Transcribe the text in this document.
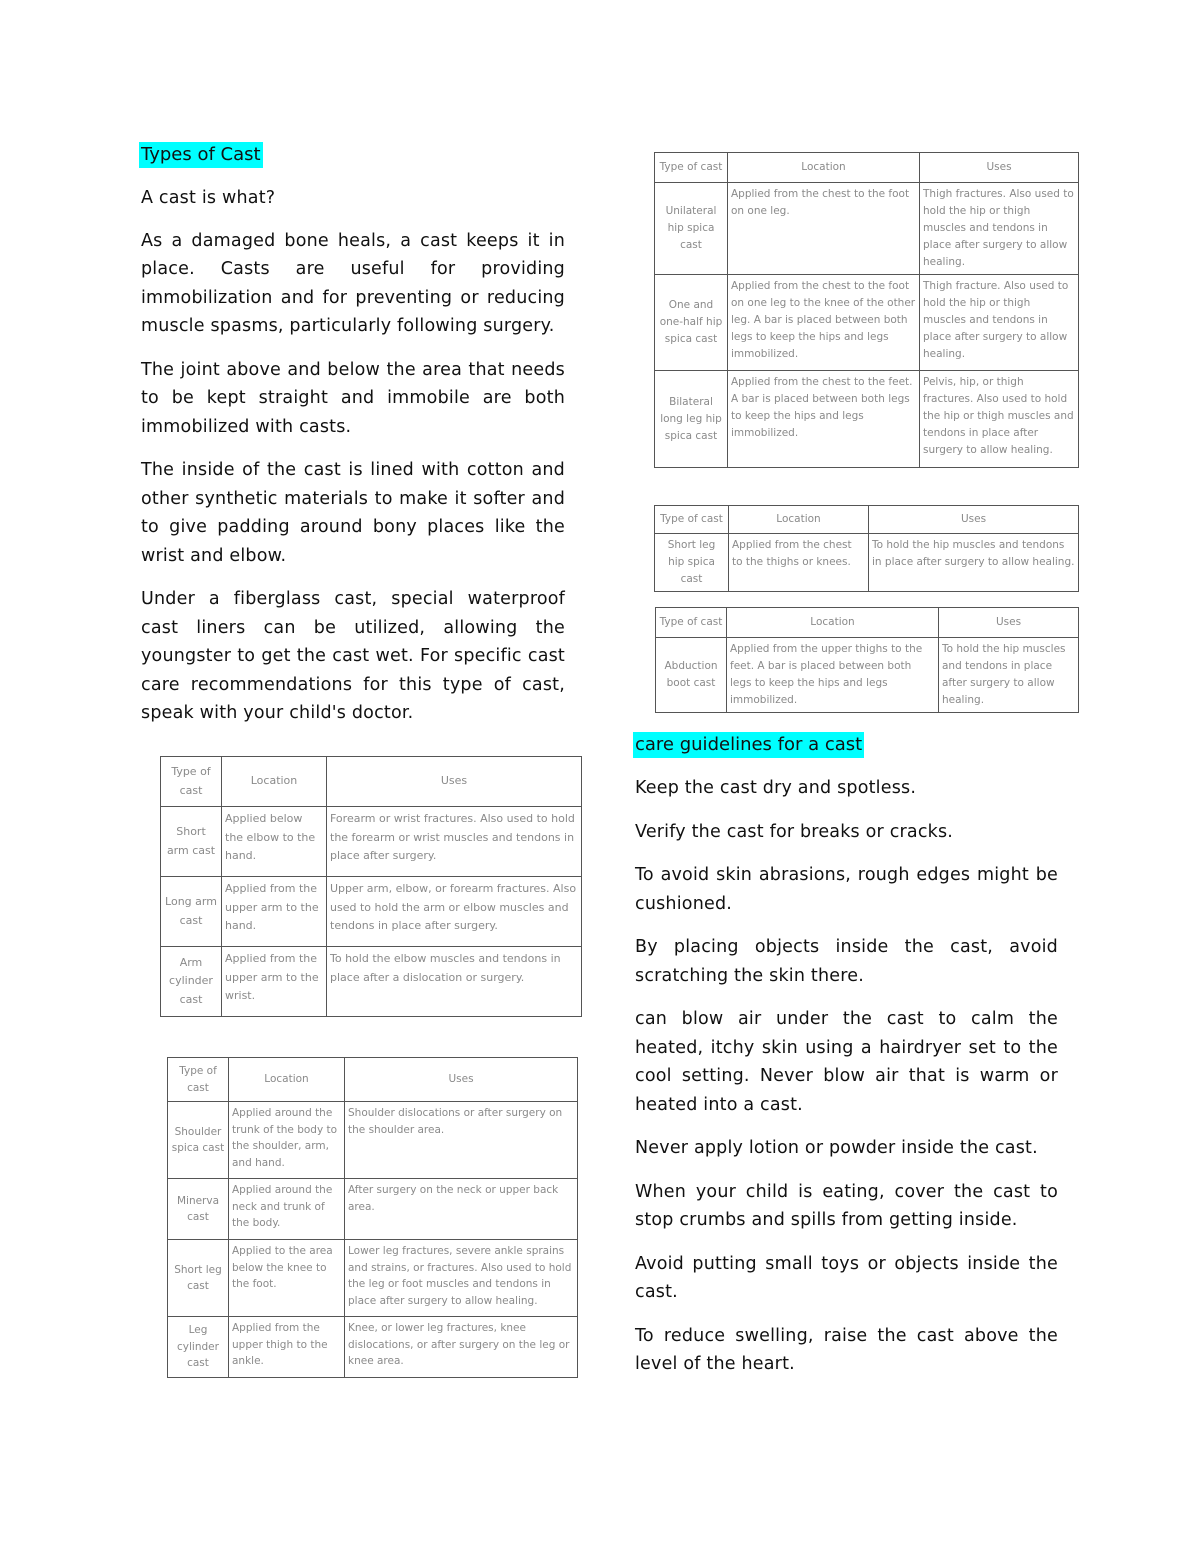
Types of Cast

A cast is what?

As a damaged bone heals, a cast keeps it in place. Casts are useful for providing immobilization and for preventing or reducing muscle spasms, particularly following surgery.

The joint above and below the area that needs to be kept straight and immobile are both immobilized with casts.

The inside of the cast is lined with cotton and other synthetic materials to make it softer and to give padding around bony places like the wrist and elbow.

Under a fiberglass cast, special waterproof cast liners can be utilized, allowing the youngster to get the cast wet. For specific cast care recommendations for this type of cast, speak with your child's doctor.

Type of cast	Location	Uses
Short arm cast	Applied below the elbow to the hand.	Forearm or wrist fractures. Also used to hold the forearm or wrist muscles and tendons in place after surgery.
Long arm cast	Applied from the upper arm to the hand.	Upper arm, elbow, or forearm fractures. Also used to hold the arm or elbow muscles and tendons in place after surgery.
Arm cylinder cast	Applied from the upper arm to the wrist.	To hold the elbow muscles and tendons in place after a dislocation or surgery.
Type of cast	Location	Uses
Shoulder spica cast	Applied around the trunk of the body to the shoulder, arm, and hand.	Shoulder dislocations or after surgery on the shoulder area.
Minerva cast	Applied around the neck and trunk of the body.	After surgery on the neck or upper back area.
Short leg cast	Applied to the area below the knee to the foot.	Lower leg fractures, severe ankle sprains and strains, or fractures. Also used to hold the leg or foot muscles and tendons in place after surgery to allow healing.
Leg cylinder cast	Applied from the upper thigh to the ankle.	Knee, or lower leg fractures, knee dislocations, or after surgery on the leg or knee area.
Type of cast	Location	Uses
Unilateral hip spica cast	Applied from the chest to the foot on one leg.	Thigh fractures. Also used to hold the hip or thigh muscles and tendons in place after surgery to allow healing.
One and one-half hip spica cast	Applied from the chest to the foot on one leg to the knee of the other leg. A bar is placed between both legs to keep the hips and legs immobilized.	Thigh fracture. Also used to hold the hip or thigh muscles and tendons in place after surgery to allow healing.
Bilateral long leg hip spica cast	Applied from the chest to the feet. A bar is placed between both legs to keep the hips and legs immobilized.	Pelvis, hip, or thigh fractures. Also used to hold the hip or thigh muscles and tendons in place after surgery to allow healing.
Type of cast	Location	Uses
Short leg hip spica cast	Applied from the chest to the thighs or knees.	To hold the hip muscles and tendons in place after surgery to allow healing.
Type of cast	Location	Uses
Abduction boot cast	Applied from the upper thighs to the feet. A bar is placed between both legs to keep the hips and legs immobilized.	To hold the hip muscles and tendons in place after surgery to allow healing.
care guidelines for a cast

Keep the cast dry and spotless.

Verify the cast for breaks or cracks.

To avoid skin abrasions, rough edges might be cushioned.

By placing objects inside the cast, avoid scratching the skin there.

can blow air under the cast to calm the heated, itchy skin using a hairdryer set to the cool setting. Never blow air that is warm or heated into a cast.

Never apply lotion or powder inside the cast.

When your child is eating, cover the cast to stop crumbs and spills from getting inside.

Avoid putting small toys or objects inside the cast.

To reduce swelling, raise the cast above the level of the heart.
